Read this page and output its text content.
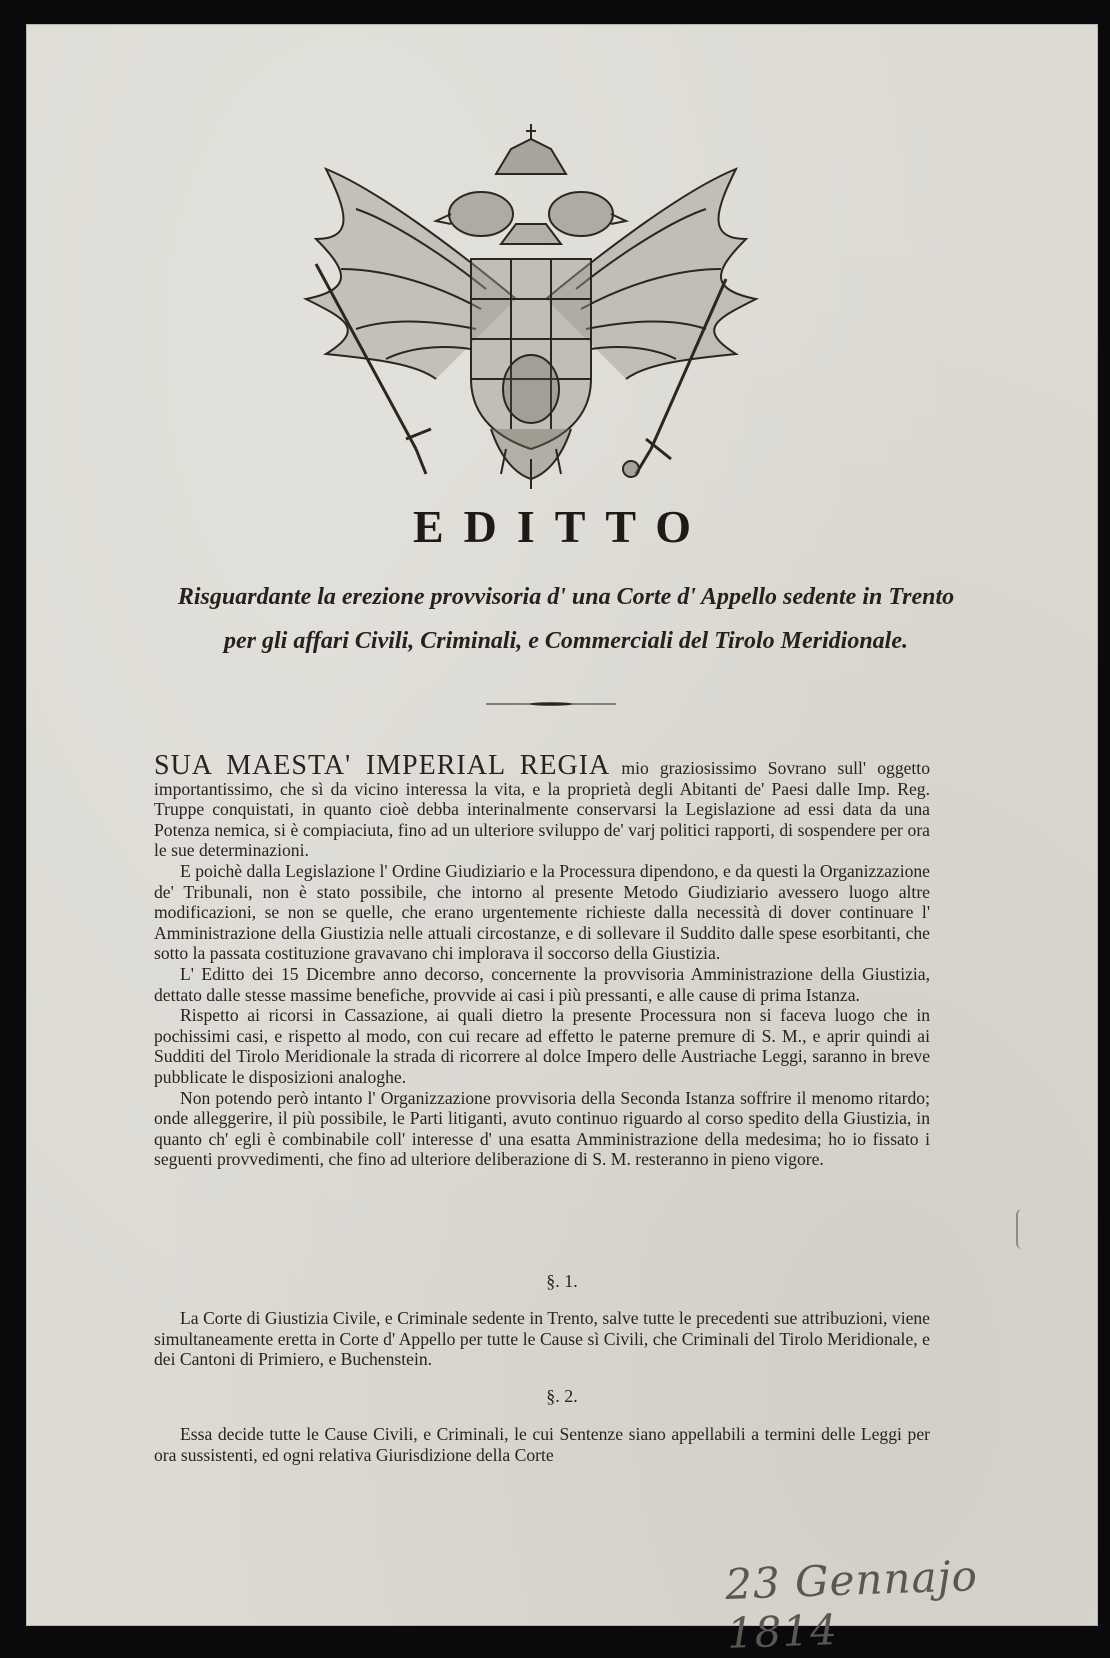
EDITTO
Risguardante la erezione provvisoria d' una Corte d' Appello sedente in Trento
per gli affari Civili, Criminali, e Commerciali del Tirolo Meridionale.

SUA MAESTA' IMPERIAL REGIA mio graziosissimo Sovrano sull' oggetto importantissimo, che sì da vicino interessa la vita, e la proprietà degli Abitanti de' Paesi dalle Imp. Reg. Truppe conquistati, in quanto cioè debba interinalmente conservarsi la Legislazione ad essi data da una Potenza nemica, si è compiaciuta, fino ad un ulteriore sviluppo de' varj politici rapporti, di sospendere per ora le sue determinazioni.

E poichè dalla Legislazione l' Ordine Giudiziario e la Processura dipendono, e da questi la Organizzazione de' Tribunali, non è stato possibile, che intorno al presente Metodo Giudiziario avessero luogo altre modificazioni, se non se quelle, che erano urgentemente richieste dalla necessità di dover continuare l' Amministrazione della Giustizia nelle attuali circostanze, e di sollevare il Suddito dalle spese esorbitanti, che sotto la passata costituzione gravavano chi implorava il soccorso della Giustizia.

L' Editto dei 15 Dicembre anno decorso, concernente la provvisoria Amministrazione della Giustizia, dettato dalle stesse massime benefiche, provvide ai casi i più pressanti, e alle cause di prima Istanza.

Rispetto ai ricorsi in Cassazione, ai quali dietro la presente Processura non si faceva luogo che in pochissimi casi, e rispetto al modo, con cui recare ad effetto le paterne premure di S. M., e aprir quindi ai Sudditi del Tirolo Meridionale la strada di ricorrere al dolce Impero delle Austriache Leggi, saranno in breve pubblicate le disposizioni analoghe.

Non potendo però intanto l' Organizzazione provvisoria della Seconda Istanza soffrire il menomo ritardo; onde alleggerire, il più possibile, le Parti litiganti, avuto continuo riguardo al corso spedito della Giustizia, in quanto ch' egli è combinabile coll' interesse d' una esatta Amministrazione della medesima; ho io fissato i seguenti provvedimenti, che fino ad ulteriore deliberazione di S. M. resteranno in pieno vigore.

§. 1.

La Corte di Giustizia Civile, e Criminale sedente in Trento, salve tutte le precedenti sue attribuzioni, viene simultaneamente eretta in Corte d' Appello per tutte le Cause sì Civili, che Criminali del Tirolo Meridionale, e dei Cantoni di Primiero, e Buchenstein.

§. 2.

Essa decide tutte le Cause Civili, e Criminali, le cui Sentenze siano appellabili a termini delle Leggi per ora sussistenti, ed ogni relativa Giurisdizione della Corte

23 Gennajo 1814
